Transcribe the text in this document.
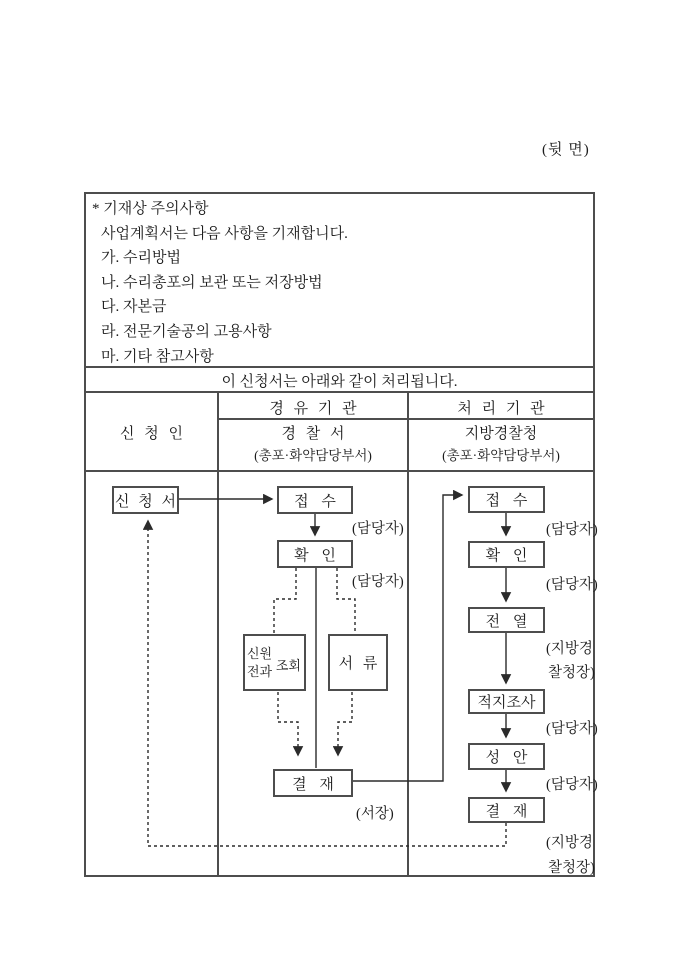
(뒷 면)
* 기재상 주의사항
사업계획서는 다음 사항을 기재합니다.
가. 수리방법
나. 수리총포의 보관 또는 저장방법
다. 자본금
라. 전문기술공의 고용사항
마. 기타 참고사항
이 신청서는 아래와 같이 처리됩니다.
신 청 인
경 유 기 관	처 리 기 관
경 찰 서
(총포·화약담당부서)
지방경찰청
(총포·화약담당부서)
신 청 서	접 수
(담당자)
확 인
(담당자)
신원
전과 조회	서 류
결 재
(서장)
접 수
(담당자)
확 인
(담당자)
전 열
(지방경
찰청장)
적지조사
(담당자)
성 안
(담당자)
결 재
(지방경
찰청장)
